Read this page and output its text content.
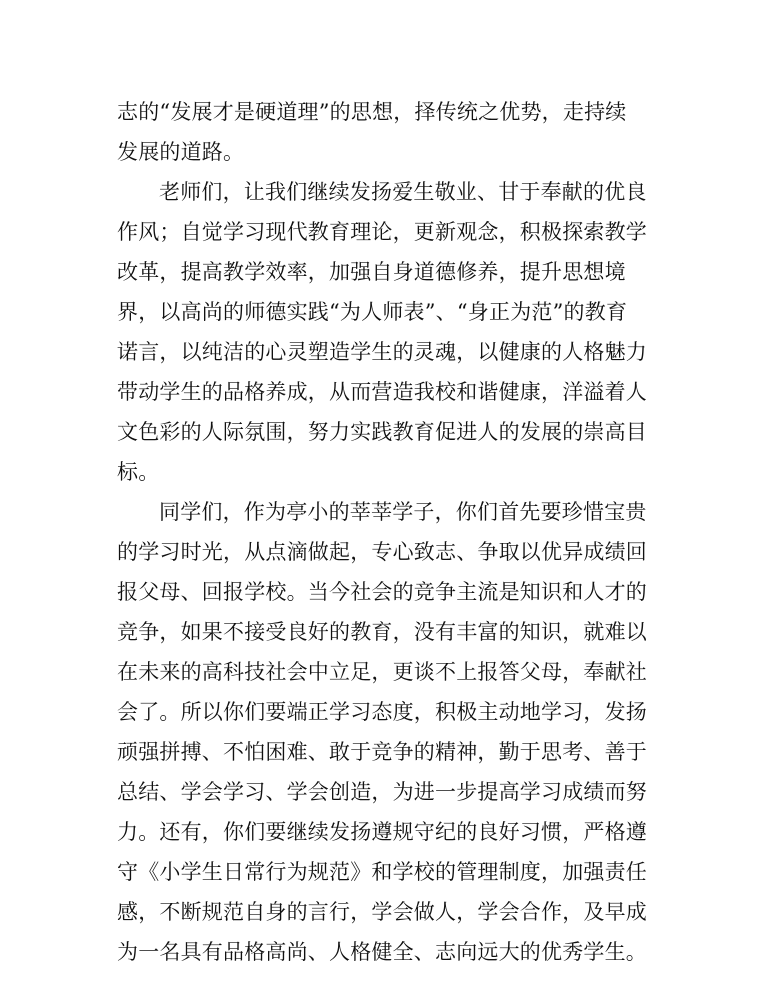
志的“发展才是硬道理”的思想，择传统之优势，走持续
发展的道路。
老师们，让我们继续发扬爱生敬业、甘于奉献的优良
作风；自觉学习现代教育理论，更新观念，积极探索教学
改革，提高教学效率，加强自身道德修养，提升思想境
界，以高尚的师德实践“为人师表”、“身正为范”的教育
诺言，以纯洁的心灵塑造学生的灵魂，以健康的人格魅力
带动学生的品格养成，从而营造我校和谐健康，洋溢着人
文色彩的人际氛围，努力实践教育促进人的发展的崇高目
标。
同学们，作为亭小的莘莘学子，你们首先要珍惜宝贵
的学习时光，从点滴做起，专心致志、争取以优异成绩回
报父母、回报学校。当今社会的竞争主流是知识和人才的
竞争，如果不接受良好的教育，没有丰富的知识，就难以
在未来的高科技社会中立足，更谈不上报答父母，奉献社
会了。所以你们要端正学习态度，积极主动地学习，发扬
顽强拼搏、不怕困难、敢于竞争的精神，勤于思考、善于
总结、学会学习、学会创造，为进一步提高学习成绩而努
力。还有，你们要继续发扬遵规守纪的良好习惯，严格遵
守《小学生日常行为规范》和学校的管理制度，加强责任
感，不断规范自身的言行，学会做人，学会合作，及早成
为一名具有品格高尚、人格健全、志向远大的优秀学生。
